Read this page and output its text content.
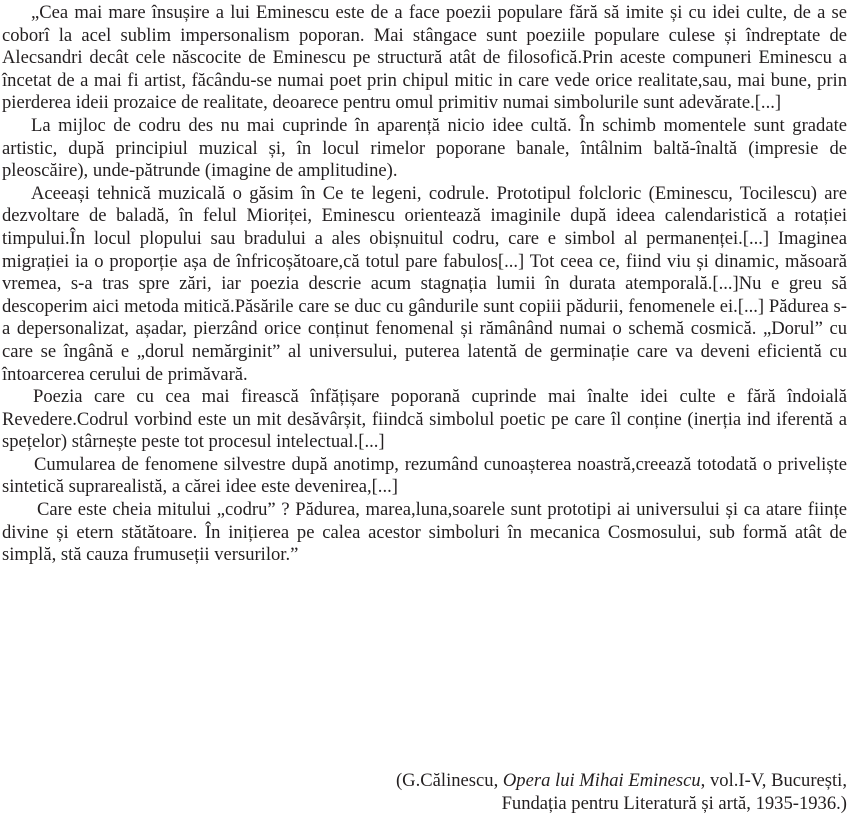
„Cea mai mare însușire a lui Eminescu este de a face poezii populare fără să imite și cu idei culte, de a se coborî la acel sublim impersonalism poporan. Mai stângace sunt poeziile populare culese și îndreptate de Alecsandri decât cele născocite de Eminescu pe structură atât de filosofică.Prin aceste compuneri Eminescu a încetat de a mai fi artist, făcându-se numai poet prin chipul mitic in care vede orice realitate,sau, mai bune, prin pierderea ideii prozaice de realitate, deoarece pentru omul primitiv numai simbolurile sunt adevărate.[...]

La mijloc de codru des nu mai cuprinde în aparență nicio idee cultă. În schimb momentele sunt gradate artistic, după principiul muzical și, în locul rimelor poporane banale, întâlnim baltă-înaltă (impresie de pleoscăire), unde-pătrunde (imagine de amplitudine).

Aceeași tehnică muzicală o găsim în Ce te legeni, codrule. Prototipul folcloric (Eminescu, Tocilescu) are dezvoltare de baladă, în felul Mioriței, Eminescu orientează imaginile după ideea calendaristică a rotației timpului.În locul plopului sau bradului a ales obișnuitul codru, care e simbol al permanenței.[...] Imaginea migrației ia o proporție așa de înfricoșătoare,că totul pare fabulos[...] Tot ceea ce, fiind viu și dinamic, măsoară vremea, s-a tras spre zări, iar poezia descrie acum stagnația lumii în durata atemporală.[...]Nu e greu să descoperim aici metoda mitică.Păsările care se duc cu gândurile sunt copiii pădurii, fenomenele ei.[...] Pădurea s-a depersonalizat, așadar, pierzând orice conținut fenomenal și rămânând numai o schemă cosmică. „Dorul” cu care se îngână e „dorul nemărginit” al universului, puterea latentă de germinație care va deveni eficientă cu întoarcerea cerului de primăvară.

Poezia care cu cea mai firească înfățișare poporană cuprinde mai înalte idei culte e fără îndoială Revedere.Codrul vorbind este un mit desăvârșit, fiindcă simbolul poetic pe care îl conține (inerția ind iferentă a spețelor) stârnește peste tot procesul intelectual.[...]

Cumularea de fenomene silvestre după anotimp, rezumând cunoașterea noastră,creează totodată o priveliște sintetică suprarealistă, a cărei idee este devenirea,[...]

Care este cheia mitului „codru” ? Pădurea, marea,luna,soarele sunt prototipi ai universului și ca atare ființe divine și etern stătătoare. În inițierea pe calea acestor simboluri în mecanica Cosmosului, sub formă atât de simplă, stă cauza frumuseții versurilor.”

(G.Călinescu, Opera lui Mihai Eminescu, vol.I-V, București,
Fundația pentru Literatură și artă, 1935-1936.)
